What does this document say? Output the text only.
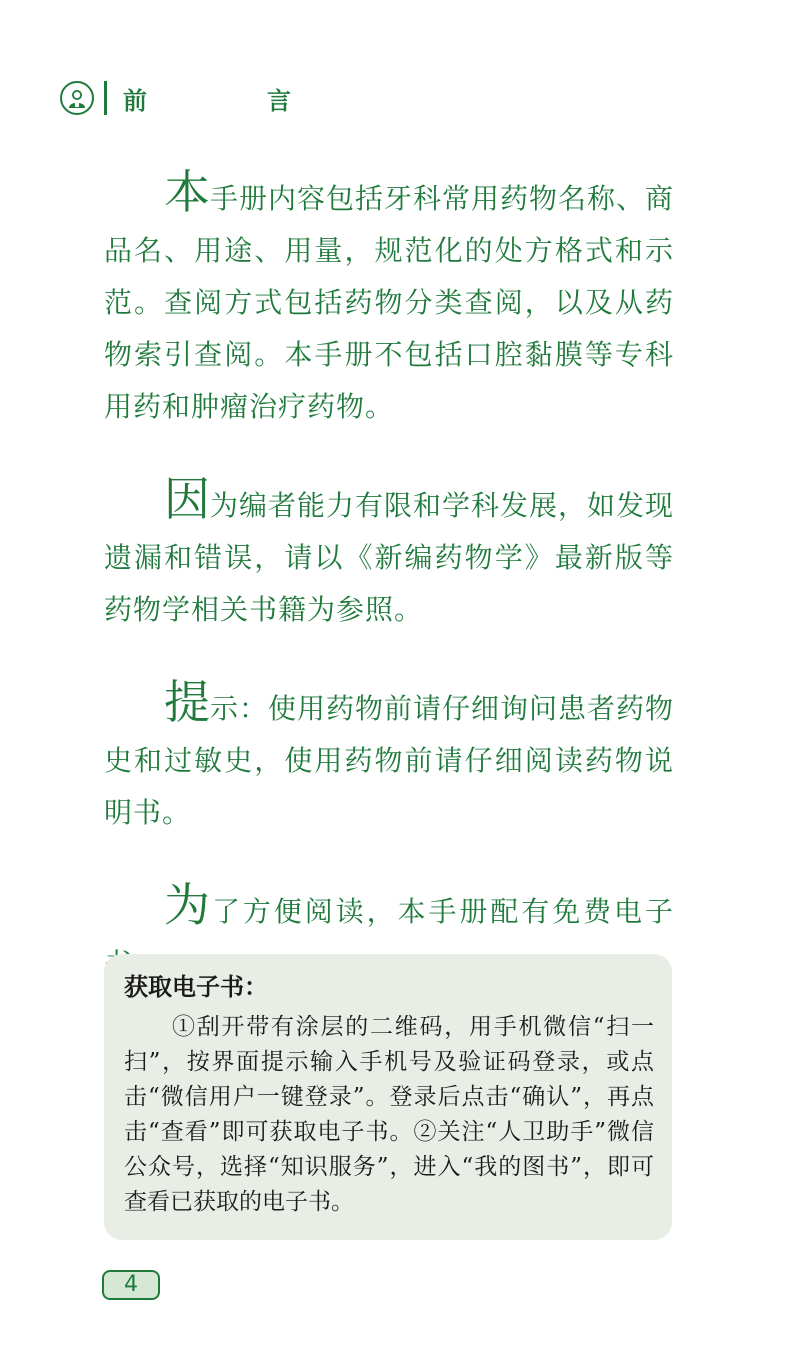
前　言

本手册内容包括牙科常用药物名称、商品名、用途、用量，规范化的处方格式和示范。查阅方式包括药物分类查阅，以及从药物索引查阅。本手册不包括口腔黏膜等专科用药和肿瘤治疗药物。

因为编者能力有限和学科发展，如发现遗漏和错误，请以《新编药物学》最新版等药物学相关书籍为参照。

提示：使用药物前请仔细询问患者药物史和过敏史，使用药物前请仔细阅读药物说明书。

为了方便阅读，本手册配有免费电子

获取电子书：

①刮开带有涂层的二维码，用手机微信“扫一扫”，按界面提示输入手机号及验证码登录，或点击“微信用户一键登录”。登录后点击“确认”，再点击“查看”即可获取电子书。②关注“人卫助手”微信公众号，选择“知识服务”，进入“我的图书”，即可查看已获取的电子书。

4
